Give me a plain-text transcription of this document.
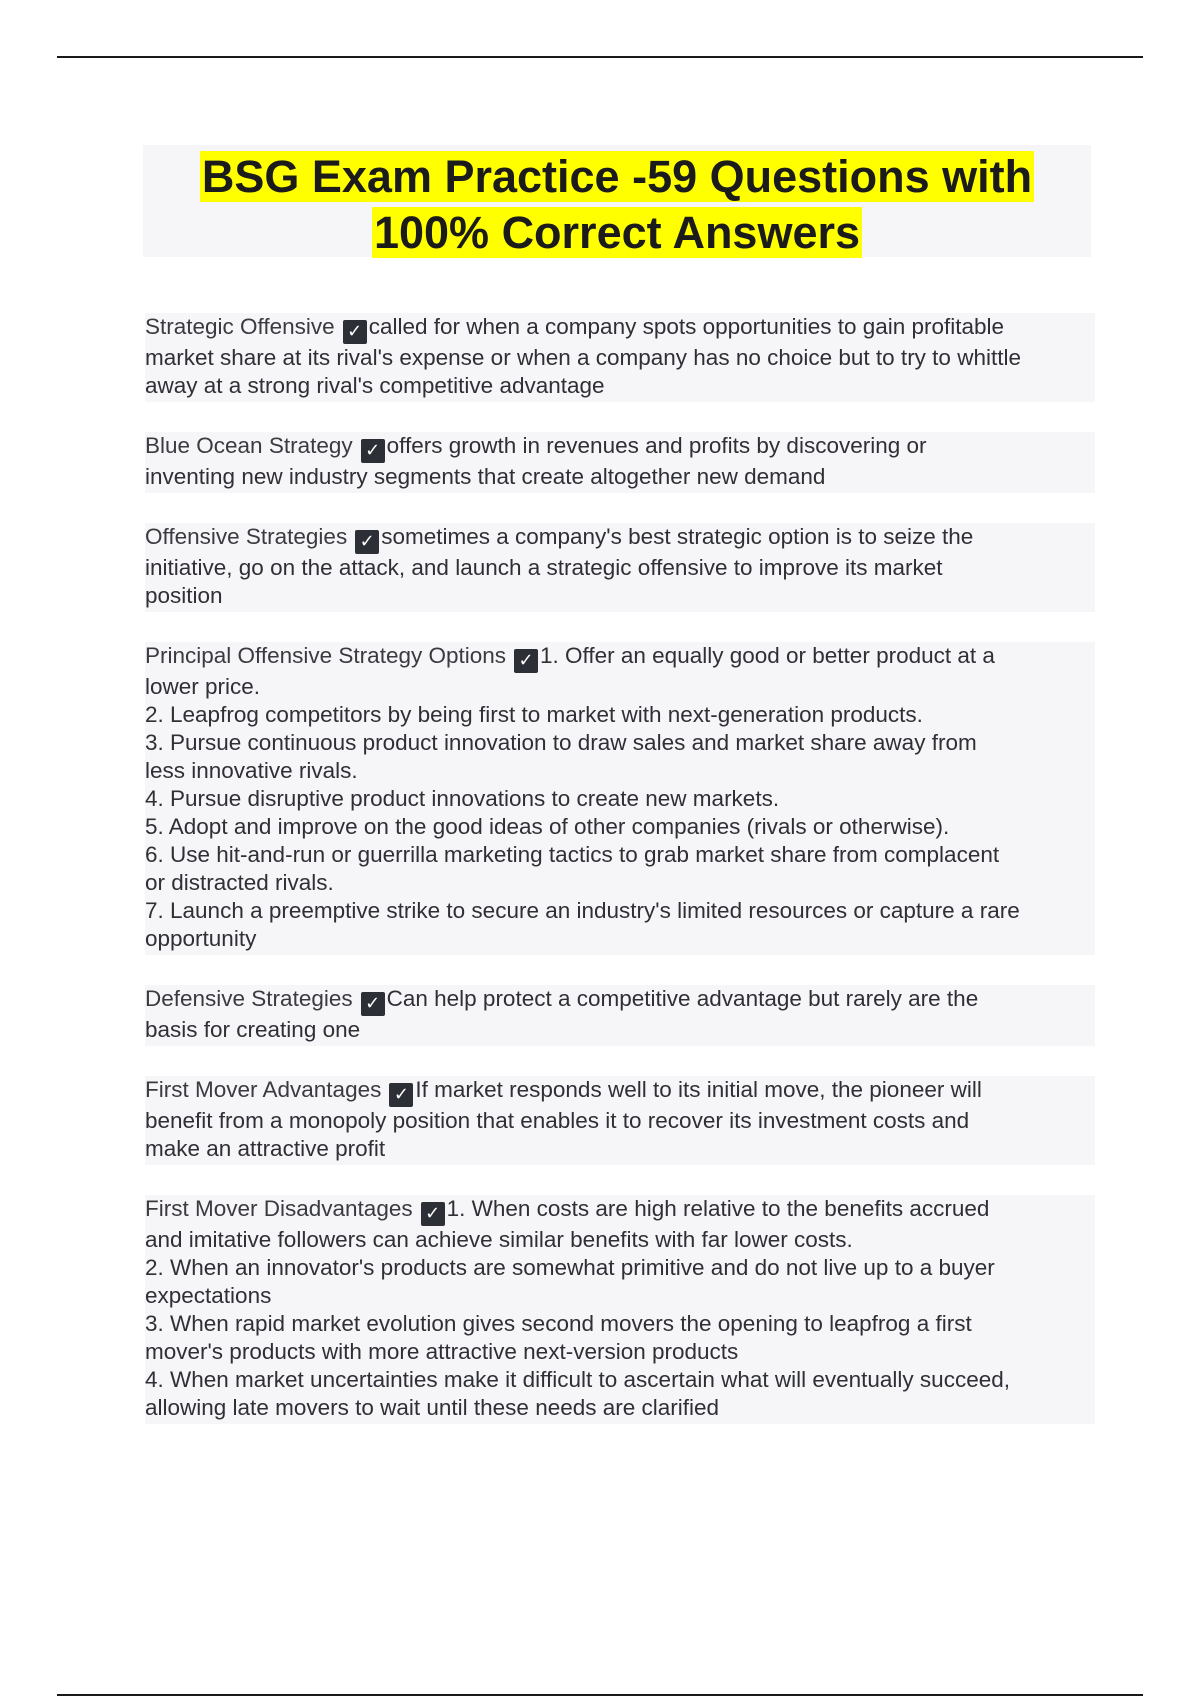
BSG Exam Practice -59 Questions with
100% Correct Answers
Strategic Offensive ✓ called for when a company spots opportunities to gain profitable
market share at its rival's expense or when a company has no choice but to try to whittle
away at a strong rival's competitive advantage
Blue Ocean Strategy ✓ offers growth in revenues and profits by discovering or
inventing new industry segments that create altogether new demand
Offensive Strategies ✓ sometimes a company's best strategic option is to seize the
initiative, go on the attack, and launch a strategic offensive to improve its market
position
Principal Offensive Strategy Options ✓ 1. Offer an equally good or better product at a
lower price.
2. Leapfrog competitors by being first to market with next-generation products.
3. Pursue continuous product innovation to draw sales and market share away from
less innovative rivals.
4. Pursue disruptive product innovations to create new markets.
5. Adopt and improve on the good ideas of other companies (rivals or otherwise).
6. Use hit-and-run or guerrilla marketing tactics to grab market share from complacent
or distracted rivals.
7. Launch a preemptive strike to secure an industry's limited resources or capture a rare
opportunity
Defensive Strategies ✓ Can help protect a competitive advantage but rarely are the
basis for creating one
First Mover Advantages ✓ If market responds well to its initial move, the pioneer will
benefit from a monopoly position that enables it to recover its investment costs and
make an attractive profit
First Mover Disadvantages ✓ 1. When costs are high relative to the benefits accrued
and imitative followers can achieve similar benefits with far lower costs.
2. When an innovator's products are somewhat primitive and do not live up to a buyer
expectations
3. When rapid market evolution gives second movers the opening to leapfrog a first
mover's products with more attractive next-version products
4. When market uncertainties make it difficult to ascertain what will eventually succeed,
allowing late movers to wait until these needs are clarified
